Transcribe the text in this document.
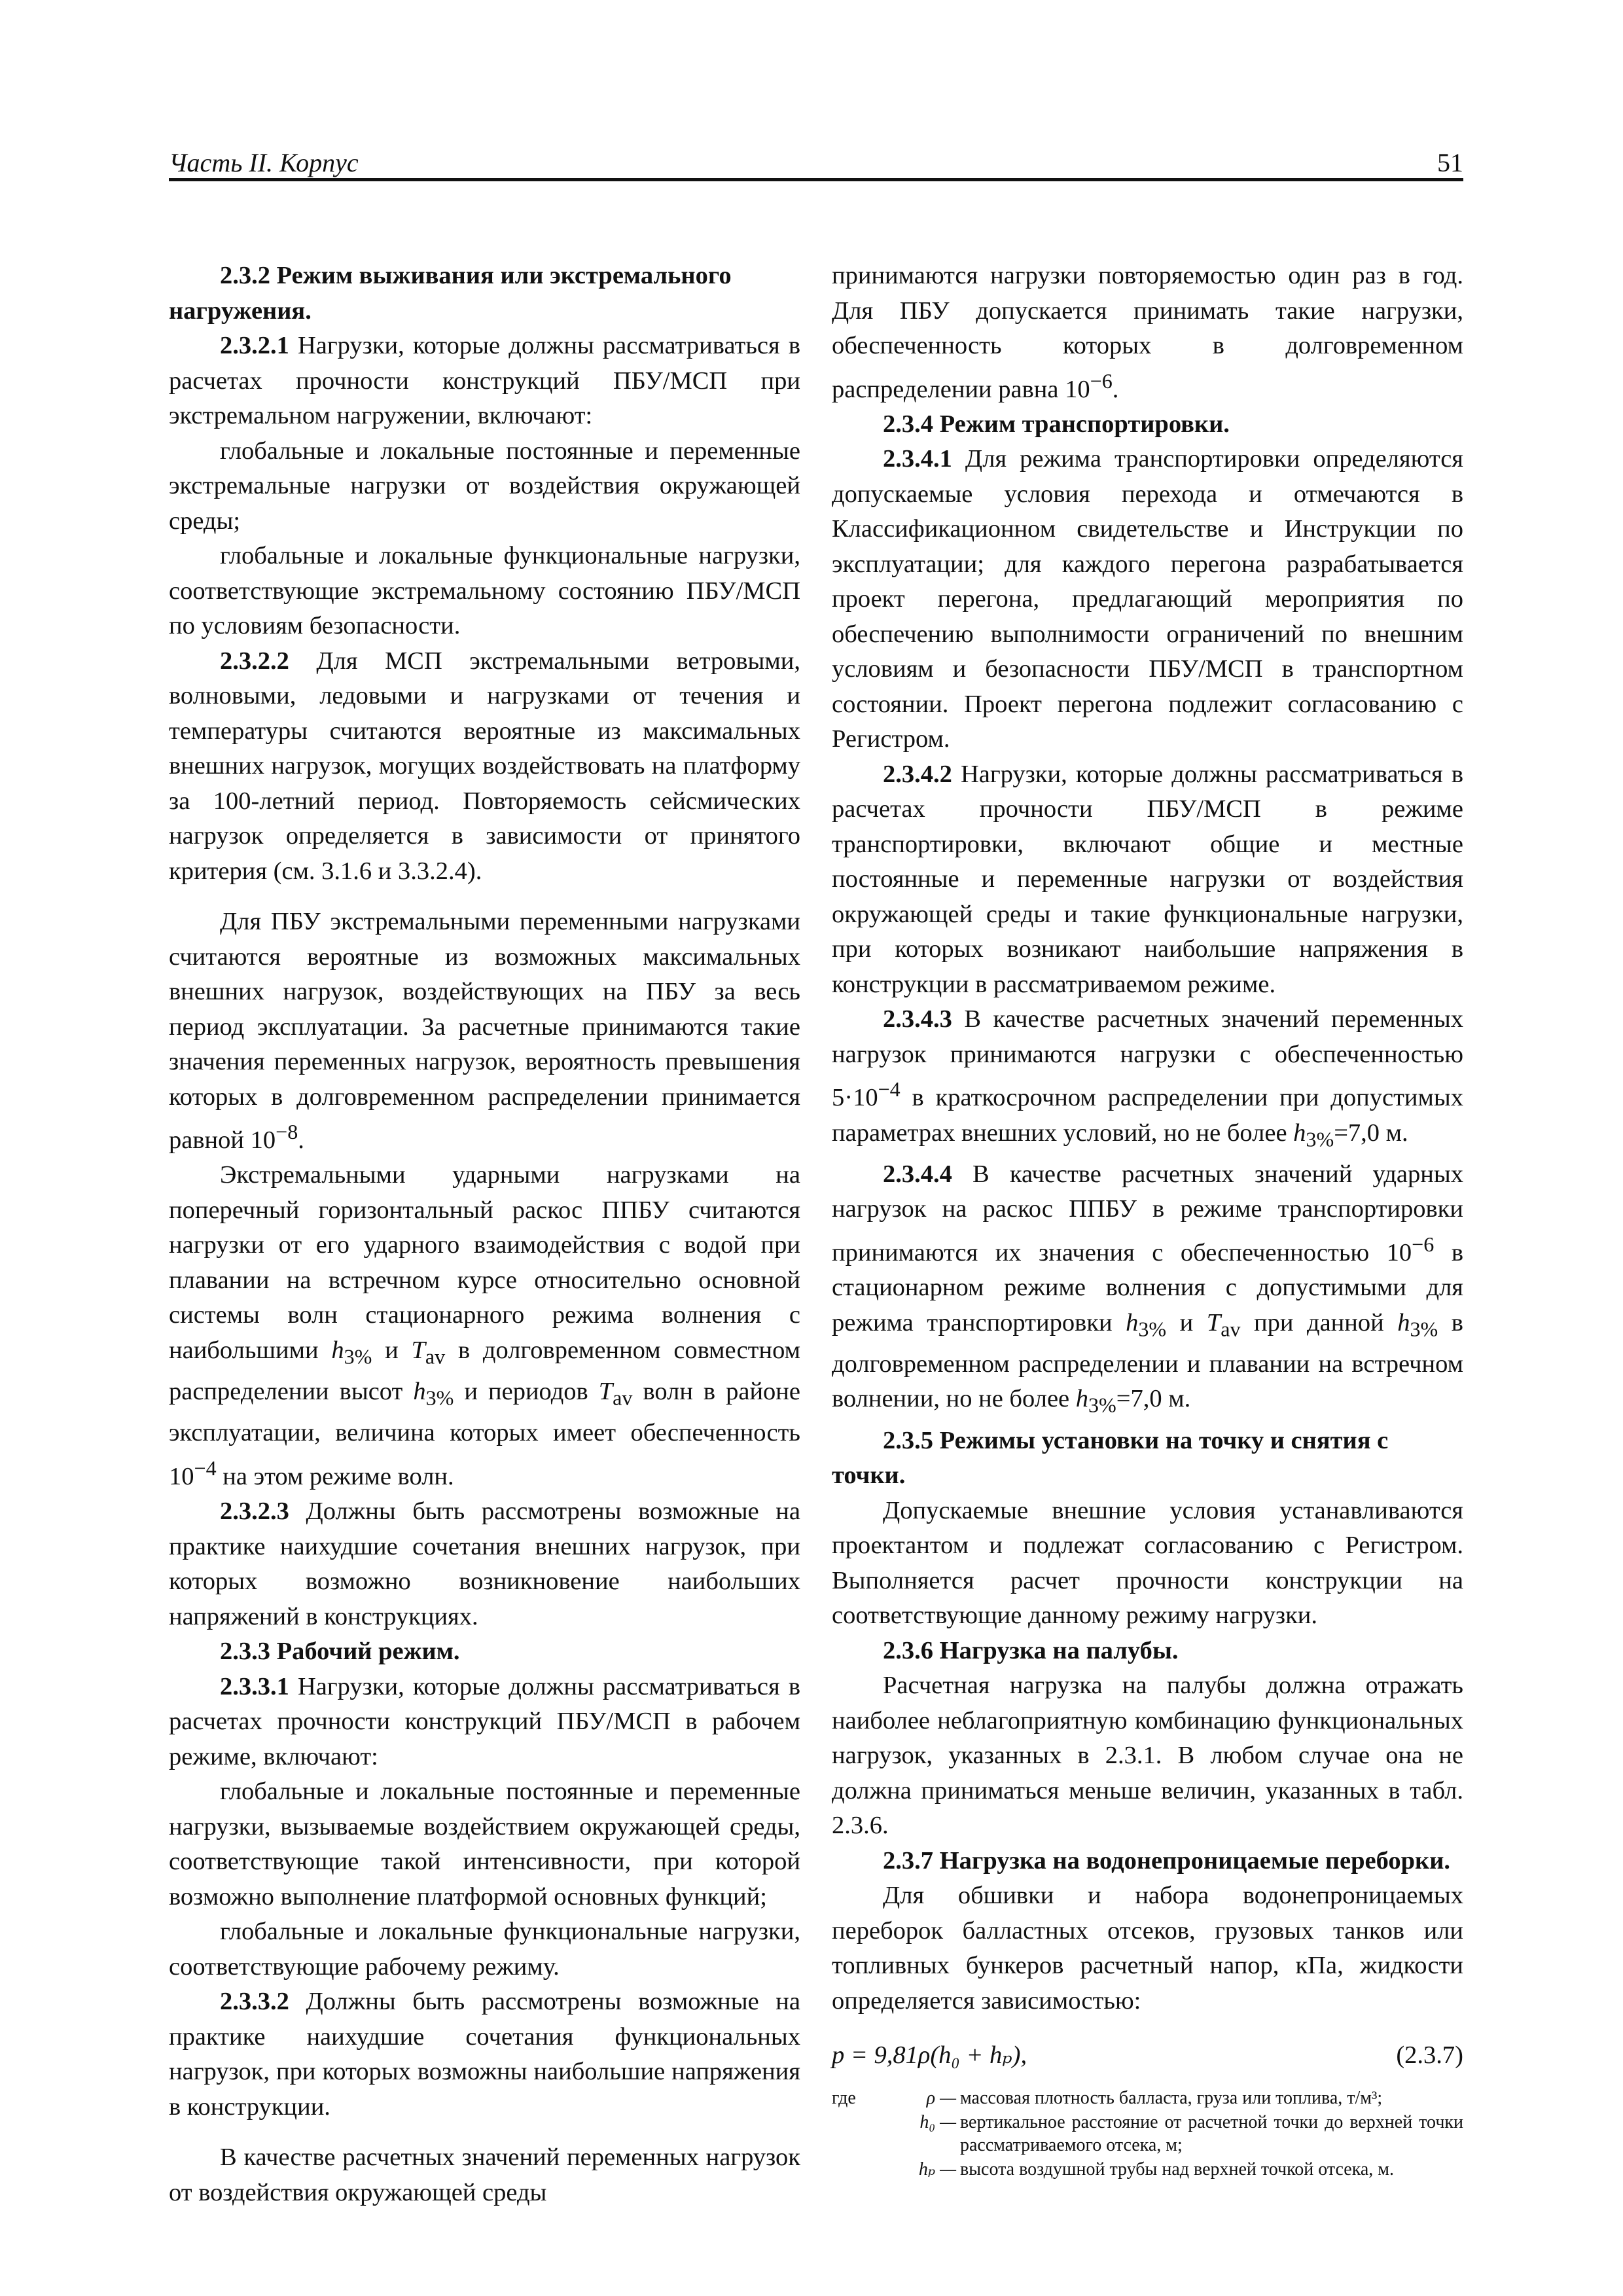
Часть II. Корпус	51

2.3.2 Режим выживания или экстремального нагружения.

2.3.2.1 Нагрузки, которые должны рассматриваться в расчетах прочности конструкций ПБУ/МСП при экстремальном нагружении, включают:

глобальные и локальные постоянные и переменные экстремальные нагрузки от воздействия окружающей среды;

глобальные и локальные функциональные нагрузки, соответствующие экстремальному состоянию ПБУ/МСП по условиям безопасности.

2.3.2.2 Для МСП экстремальными ветровыми, волновыми, ледовыми и нагрузками от течения и температуры считаются вероятные из максимальных внешних нагрузок, могущих воздействовать на платформу за 100-летний период. Повторяемость сейсмических нагрузок определяется в зависимости от принятого критерия (см. 3.1.6 и 3.3.2.4).

Для ПБУ экстремальными переменными нагрузками считаются вероятные из возможных максимальных внешних нагрузок, воздействующих на ПБУ за весь период эксплуатации. За расчетные принимаются такие значения переменных нагрузок, вероятность превышения которых в долговременном распределении принимается равной $10^{-8}$.

Экстремальными ударными нагрузками на поперечный горизонтальный раскос ППБУ считаются нагрузки от его ударного взаимодействия с водой при плавании на встречном курсе относительно основной системы волн стационарного режима волнения с наибольшими $h_{3\%}$ и $T_{av}$ в долговременном совместном распределении высот $h_{3\%}$ и периодов $T_{av}$ волн в районе эксплуатации, величина которых имеет обеспеченность $10^{-4}$ на этом режиме волн.

2.3.2.3 Должны быть рассмотрены возможные на практике наихудшие сочетания внешних нагрузок, при которых возможно возникновение наибольших напряжений в конструкциях.

2.3.3 Рабочий режим.

2.3.3.1 Нагрузки, которые должны рассматриваться в расчетах прочности конструкций ПБУ/МСП в рабочем режиме, включают:

глобальные и локальные постоянные и переменные нагрузки, вызываемые воздействием окружающей среды, соответствующие такой интенсивности, при которой возможно выполнение платформой основных функций;

глобальные и локальные функциональные нагрузки, соответствующие рабочему режиму.

2.3.3.2 Должны быть рассмотрены возможные на практике наихудшие сочетания функциональных нагрузок, при которых возможны наибольшие напряжения в конструкции.

В качестве расчетных значений переменных нагрузок от воздействия окружающей среды

принимаются нагрузки повторяемостью один раз в год. Для ПБУ допускается принимать такие нагрузки, обеспеченность которых в долговременном распределении равна $10^{-6}$.

2.3.4 Режим транспортировки.

2.3.4.1 Для режима транспортировки определяются допускаемые условия перехода и отмечаются в Классификационном свидетельстве и Инструкции по эксплуатации; для каждого перегона разрабатывается проект перегона, предлагающий мероприятия по обеспечению выполнимости ограничений по внешним условиям и безопасности ПБУ/МСП в транспортном состоянии. Проект перегона подлежит согласованию с Регистром.

2.3.4.2 Нагрузки, которые должны рассматриваться в расчетах прочности ПБУ/МСП в режиме транспортировки, включают общие и местные постоянные и переменные нагрузки от воздействия окружающей среды и такие функциональные нагрузки, при которых возникают наибольшие напряжения в конструкции в рассматриваемом режиме.

2.3.4.3 В качестве расчетных значений переменных нагрузок принимаются нагрузки с обеспеченностью $5\cdot 10^{-4}$ в краткосрочном распределении при допустимых параметрах внешних условий, но не более $h_{3\%}=7,0$ м.

2.3.4.4 В качестве расчетных значений ударных нагрузок на раскос ППБУ в режиме транспортировки принимаются их значения с обеспеченностью $10^{-6}$ в стационарном режиме волнения с допустимыми для режима транспортировки $h_{3\%}$ и $T_{av}$ при данной $h_{3\%}$ в долговременном распределении и плавании на встречном волнении, но не более $h_{3\%}=7,0$ м.

2.3.5 Режимы установки на точку и снятия с точки.

Допускаемые внешние условия устанавливаются проектантом и подлежат согласованию с Регистром. Выполняется расчет прочности конструкции на соответствующие данному режиму нагрузки.

2.3.6 Нагрузка на палубы.

Расчетная нагрузка на палубы должна отражать наиболее неблагоприятную комбинацию функциональных нагрузок, указанных в 2.3.1. В любом случае она не должна приниматься меньше величин, указанных в табл. 2.3.6.

2.3.7 Нагрузка на водонепроницаемые переборки.

Для обшивки и набора водонепроницаемых переборок балластных отсеков, грузовых танков или топливных бункеров расчетный напор, кПа, жидкости определяется зависимостью:

p = 9,81ρ(h₀ + hₚ),	(2.3.7)
где	ρ — массовая плотность балласта, груза или топлива, т/м³;
h₀ — вертикальное расстояние от расчетной точки до верхней точки рассматриваемого отсека, м;
hₚ — высота воздушной трубы над верхней точкой отсека, м.
